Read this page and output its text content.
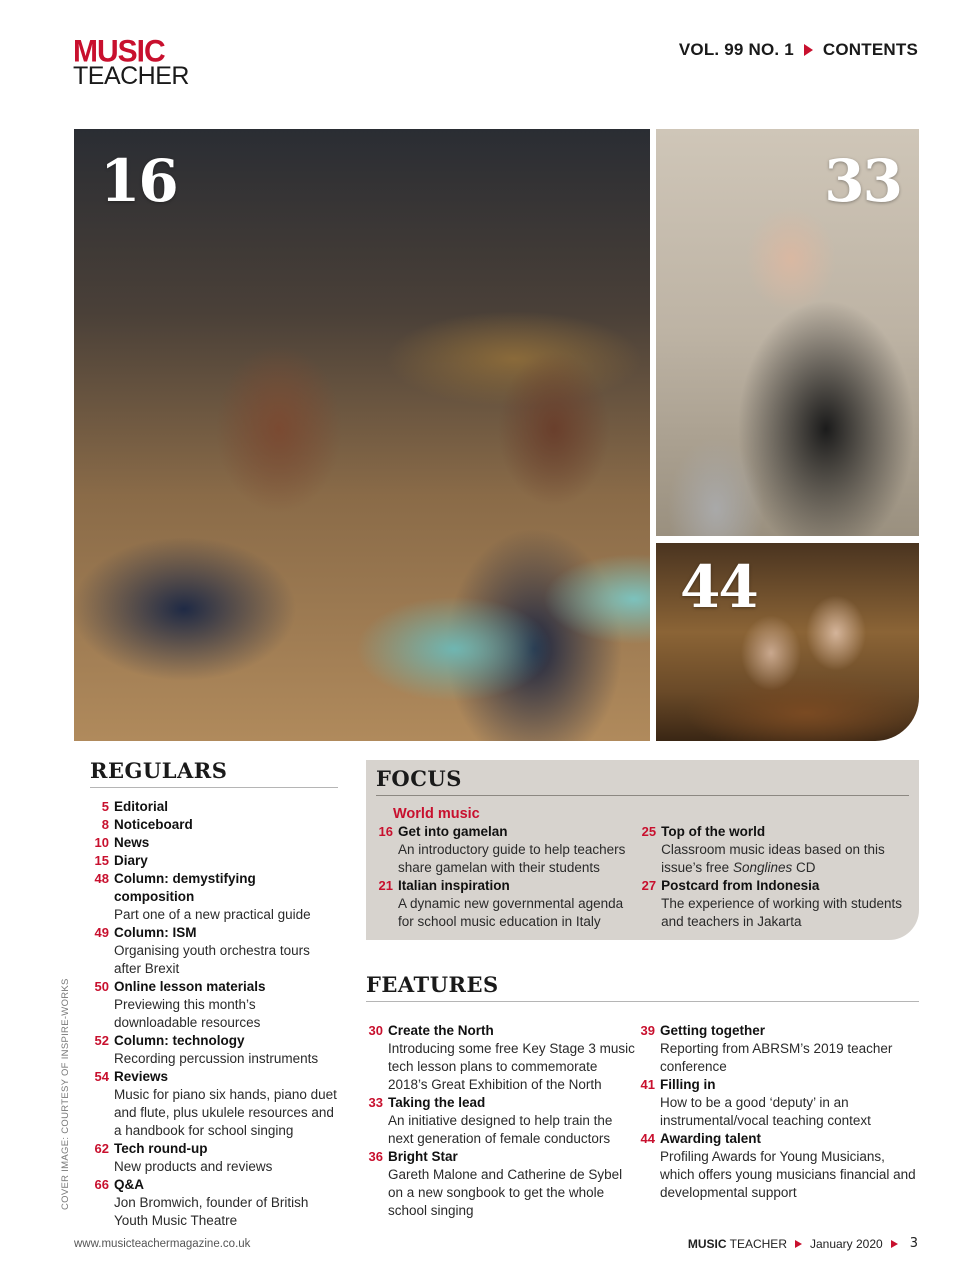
MUSIC
TEACHER
VOL. 99 NO. 1 CONTENTS
16	33
44
REGULARS
5 Editorial
8 Noticeboard
10 News
15 Diary
48 Column: demystifying composition
Part one of a new practical guide
49 Column: ISM
Organising youth orchestra tours after Brexit
50 Online lesson materials
Previewing this month’s downloadable resources
52 Column: technology
Recording percussion instruments
54 Reviews
Music for piano six hands, piano duet and flute, plus ukulele resources and a handbook for school singing
62 Tech round-up
New products and reviews
66 Q&A
Jon Bromwich, founder of British Youth Music Theatre
FOCUS
World music
16 Get into gamelan
An introductory guide to help teachers share gamelan with their students
21 Italian inspiration
A dynamic new governmental agenda for school music education in Italy
25 Top of the world
Classroom music ideas based on this issue’s free Songlines CD
27 Postcard from Indonesia
The experience of working with students and teachers in Jakarta
FEATURES
30 Create the North
Introducing some free Key Stage 3 music tech lesson plans to commemorate 2018’s Great Exhibition of the North
33 Taking the lead
An initiative designed to help train the next generation of female conductors
36 Bright Star
Gareth Malone and Catherine de Sybel on a new songbook to get the whole school singing
39 Getting together
Reporting from ABRSM’s 2019 teacher conference
41 Filling in
How to be a good ‘deputy’ in an instrumental/vocal teaching context
44 Awarding talent
Profiling Awards for Young Musicians, which offers young musicians financial and developmental support
COVER IMAGE: COURTESY OF INSPIRE-WORKS
www.musicteachermagazine.co.uk	MUSIC TEACHER January 2020 3
